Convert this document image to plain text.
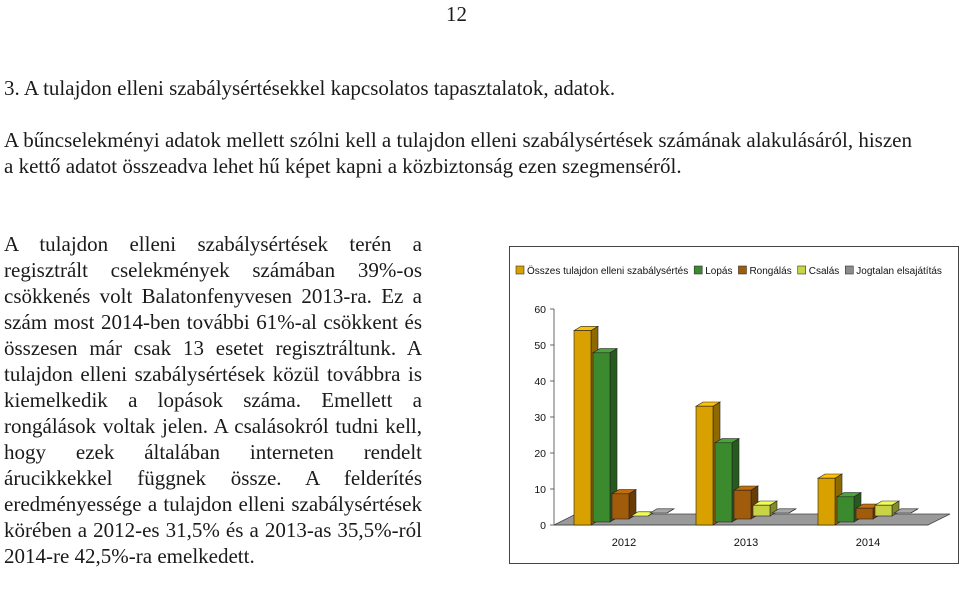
12
3. A tulajdon elleni szabálysértésekkel kapcsolatos tapasztalatok, adatok.

A bűncselekményi adatok mellett szólni kell a tulajdon elleni szabálysértések számának alakulásáról, hiszen a kettő adatot összeadva lehet hű képet kapni a közbiztonság ezen szegmenséről.

A tulajdon elleni szabálysértések terén a regisztrált cselekmények számában 39%-os csökkenés volt Balatonfenyvesen 2013-ra. Ez a szám most 2014-ben további 61%-al csökkent és összesen már csak 13 esetet regisztráltunk. A tulajdon elleni szabálysértések közül továbbra is kiemelkedik a lopások száma. Emellett a rongálások voltak jelen. A csalásokról tudni kell, hogy ezek általában interneten rendelt árucikkekkel függnek össze. A felderítés eredményessége a tulajdon elleni szabálysértések körében a 2012-es 31,5% és a 2013-as 35,5%-ról 2014-re 42,5%-ra emelkedett.

Összes tulajdon elleni szabálysértés Lopás Rongálás Csalás Jogtalan elsajátítás
0
10
20
30
40
50
60
2012	2013	2014
